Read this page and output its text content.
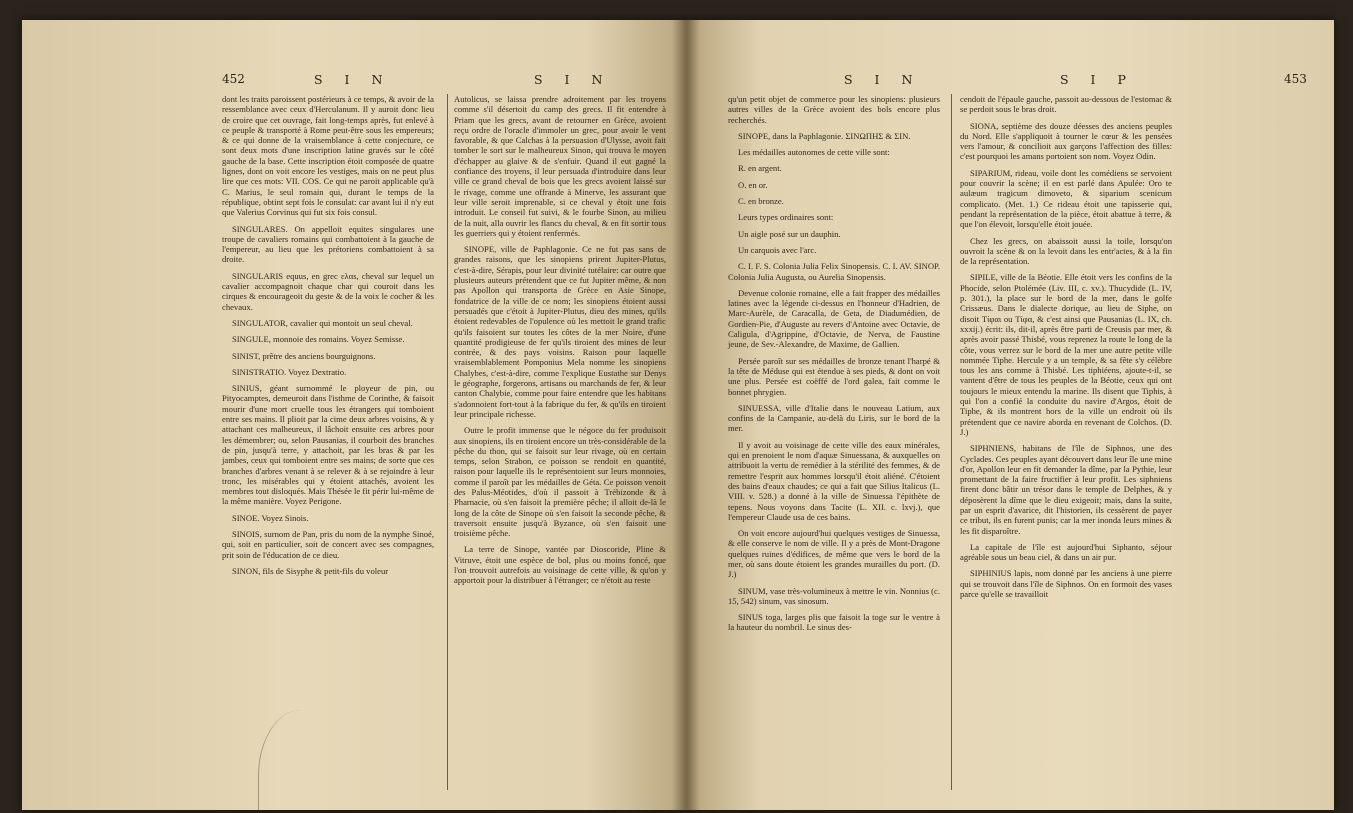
452	S I N	S I N

dont les traits paroissent postérieurs à ce temps, & avoir de la ressemblance avec ceux d'Herculanum. Il y auroit donc lieu de croire que cet ouvrage, fait long-temps après, fut enlevé à ce peuple & transporté à Rome peut-être sous les empereurs; & ce qui donne de la vraisemblance à cette conjecture, ce sont deux mots d'une inscription latine gravés sur le côté gauche de la base. Cette inscription étoit composée de quatre lignes, dont on voit encore les vestiges, mais on ne peut plus lire que ces mots: VII. COS. Ce qui ne paroit applicable qu'à C. Marius, le seul romain qui, durant le temps de la république, obtint sept fois le consulat: car avant lui il n'y eut que Valerius Corvinus qui fut six fois consul.

SINGULARES. On appelloit equites singulares une troupe de cavaliers romains qui combattoient à la gauche de l'empereur, au lieu que les prétoriens combattoient à sa droite.

SINGULARIS equus, en grec ελαs, cheval sur lequel un cavalier accompagnoit chaque char qui couroit dans les cirques & encourageoit du geste & de la voix le cocher & les chevaux.

SINGULATOR, cavalier qui montoit un seul cheval.

SINGULE, monnoie des romains. Voyez Semisse.

SINIST, prêtre des anciens bourguignons.

SINISTRATIO. Voyez Dextratio.

SINIUS, géant surnommé le ployeur de pin, ou Pityocamptes, demeuroit dans l'isthme de Corinthe, & faisoit mourir d'une mort cruelle tous les étrangers qui tomboient entre ses mains. Il plioit par la cime deux arbres voisins, & y attachant ces malheureux, il lâchoit ensuite ces arbres pour les démembrer; ou, selon Pausanias, il courboit des branches de pin, jusqu'à terre, y attachoit, par les bras & par les jambes, ceux qui tomboient entre ses mains; de sorte que ces branches d'arbres venant à se relever & à se rejoindre à leur tronc, les misérables qui y étoient attachés, avoient les membres tout disloqués. Mais Thésée le fit périr lui-même de la même manière. Voyez Perigone.

SINOE. Voyez Sinois.

SINOIS, surnom de Pan, pris du nom de la nymphe Sinoé, qui, soit en particulier, soit de concert avec ses compagnes, prit soin de l'éducation de ce dieu.

SINON, fils de Sisyphe & petit-fils du voleur

Autolicus, se laissa prendre adroitement par les troyens comme s'il désertoit du camp des grecs. Il fit entendre à Priam que les grecs, avant de retourner en Grèce, avoient reçu ordre de l'oracle d'immoler un grec, pour avoir le vent favorable, & que Calchas à la persuasion d'Ulysse, avoit fait tomber le sort sur le malheureux Sinon, qui trouva le moyen d'échapper au glaive & de s'enfuir. Quand il eut gagné la confiance des troyens, il leur persuada d'introduire dans leur ville ce grand cheval de bois que les grecs avoient laissé sur le rivage, comme une offrande à Minerve, les assurant que leur ville seroit imprenable, si ce cheval y étoit une fois introduit. Le conseil fut suivi, & le fourbe Sinon, au milieu de la nuit, alla ouvrir les flancs du cheval, & en fit sortir tous les guerriers qui y étoient renfermés.

SINOPE, ville de Paphlagonie. Ce ne fut pas sans de grandes raisons, que les sinopiens prirent Jupiter-Plutus, c'est-à-dire, Sérapis, pour leur divinité tutélaire: car outre que plusieurs auteurs prétendent que ce fut Jupiter même, & non pas Apollon qui transporta de Grèce en Asie Sinope, fondatrice de la ville de ce nom; les sinopiens étoient aussi persuadés que c'étoit à Jupiter-Plutus, dieu des mines, qu'ils étoient redevables de l'opulence où les mettoit le grand trafic qu'ils faisoient sur toutes les côtes de la mer Noire, d'une quantité prodigieuse de fer qu'ils tiroient des mines de leur contrée, & des pays voisins. Raison pour laquelle vraisemblablement Pomponius Mela nomme les sinopiens Chalybes, c'est-à-dire, comme l'explique Eustathe sur Denys le géographe, forgerons, artisans ou marchands de fer, & leur canton Chalybie, comme pour faire entendre que les habitans s'adonnoient fort-tout à la fabrique du fer, & qu'ils en tiroient leur principale richesse.

Outre le profit immense que le négoce du fer produisoit aux sinopiens, ils en tiroient encore un très-considérable de la pêche du thon, qui se faisoit sur leur rivage, où en certain temps, selon Strabon, ce poisson se rendoit en quantité, raison pour laquelle ils le représentoient sur leurs monnoies, comme il paroît par les médailles de Géta. Ce poisson venoit des Palus-Méotides, d'où il passoit à Trébizonde & à Pharnacie, où s'en faisoit la première pêche; il alloit de-là le long de la côte de Sinope où s'en faisoit la seconde pêche, & traversoit ensuite jusqu'à Byzance, où s'en faisoit une troisième pêche.

La terre de Sinope, vantée par Dioscoride, Pline & Vitruve, étoit une espèce de bol, plus ou moins foncé, que l'on trouvoit autrefois au voisinage de cette ville, & qu'on y apportoit pour la distribuer à l'étranger; ce n'étoit au reste

S I N	S I P	453

qu'un petit objet de commerce pour les sinopiens: plusieurs autres villes de la Grèce avoient des bols encore plus recherchés.

SINOPE, dans la Paphlagonie. ΣΙΝΩΠΗΣ & ΣΙΝ.

Les médailles autonomes de cette ville sont:

R. en argent.

O. en or.

C. en bronze.

Leurs types ordinaires sont:

Un aigle posé sur un dauphin.

Un carquois avec l'arc.

C. I. F. S. Colonia Julia Felix Sinopensis. C. I. AV. SINOP. Colonia Julia Augusta, ou Aurelia Sinopensis.

Devenue colonie romaine, elle a fait frapper des médailles latines avec la légende ci-dessus en l'honneur d'Hadrien, de Marc-Aurèle, de Caracalla, de Geta, de Diadumédien, de Gordien-Pie, d'Auguste au revers d'Antoine avec Octavie, de Caligula, d'Agrippine, d'Octavie, de Nerva, de Faustine jeune, de Sev.-Alexandre, de Maxime, de Gallien.

Persée paroît sur ses médailles de bronze tenant l'harpé & la tête de Méduse qui est étendue à ses pieds, & dont on voit une plus. Persée est coëffé de l'ord galea, fait comme le bonnet phrygien.

SINUESSA, ville d'Italie dans le nouveau Latium, aux confins de la Campanie, au-delà du Liris, sur le bord de la mer.

Il y avoit au voisinage de cette ville des eaux minérales, qui en prenoient le nom d'aquæ Sinuessana, & auxquelles on attribuoit la vertu de remédier à la stérilité des femmes, & de remettre l'esprit aux hommes lorsqu'il étoit aliéné. C'étoient des bains d'eaux chaudes; ce qui a fait que Silius Italicus (L. VIII. v. 528.) a donné à la ville de Sinuessa l'épithète de tepens. Nous voyons dans Tacite (L. XII. c. lxvj.), que l'empereur Claude usa de ces bains.

On voit encore aujourd'hui quelques vestiges de Sinuessa, & elle conserve le nom de ville. Il y a près de Mont-Dragone quelques ruines d'édifices, de même que vers le bord de la mer, où sans doute étoient les grandes murailles du port. (D. J.)

SINUM, vase très-volumineux à mettre le vin. Nonnius (c. 15, 542) sinum, vas sinosum.

SINUS toga, larges plis que faisoit la toge sur le ventre à la hauteur du nombril. Le sinus des-

cendoit de l'épaule gauche, passoit au-dessous de l'estomac & se perdoit sous le bras droit.

SIONA, septième des douze déesses des anciens peuples du Nord. Elle s'appliquoit à tourner le cœur & les pensées vers l'amour, & concilioit aux garçons l'affection des filles: c'est pourquoi les amans portoient son nom. Voyez Odin.

SIPARIUM, rideau, voile dont les comédiens se servoient pour couvrir la scène; il en est parlé dans Apulée: Oro te aulæum tragicum dimoveto, & siparium scenicum complicato. (Met. 1.) Ce rideau étoit une tapisserie qui, pendant la représentation de la pièce, étoit abattue à terre, & que l'on élevoit, lorsqu'elle étoit jouée.

Chez les grecs, on abaissoit aussi la toile, lorsqu'on ouvroit la scène & on la levoit dans les entr'actes, & à la fin de la représentation.

SIPILE, ville de la Béotie. Elle étoit vers les confins de la Phocide, selon Ptolémée (Liv. III, c. xv.). Thucydide (L. IV, p. 301.), la place sur le bord de la mer, dans le golfe Crissæus. Dans le dialecte dorique, au lieu de Siphe, on disoit Τίφαι ou Τίφα, & c'est ainsi que Pausanias (L. IX, ch. xxxij.) écrit: ils, dit-il, après être parti de Creusis par mer, & après avoir passé Thisbé, vous reprenez la route le long de la côte, vous verrez sur le bord de la mer une autre petite ville nommée Tiphe. Hercule y a un temple, & sa fête s'y célèbre tous les ans comme à Thisbé. Les tiphiéens, ajoute-t-il, se vantent d'être de tous les peuples de la Béotie, ceux qui ont toujours le mieux entendu la marine. Ils disent que Tiphis, à qui l'on a confié la conduite du navire d'Argos, étoit de Tiphe, & ils montrent hors de la ville un endroit où ils prétendent que ce navire aborda en revenant de Colchos. (D. J.)

SIPHNIENS, habitans de l'île de Siphnos, une des Cyclades. Ces peuples ayant découvert dans leur île une mine d'or, Apollon leur en fit demander la dîme, par la Pythie, leur promettant de la faire fructifier à leur profit. Les siphniens firent donc bâtir un trésor dans le temple de Delphes, & y déposèrent la dîme que le dieu exigeoit; mais, dans la suite, par un esprit d'avarice, dit l'historien, ils cessèrent de payer ce tribut, ils en furent punis; car la mer inonda leurs mines & les fit disparoître.

La capitale de l'île est aujourd'hui Siphanto, séjour agréable sous un beau ciel, & dans un air pur.

SIPHINIUS lapis, nom donné par les anciens à une pierre qui se trouvoit dans l'île de Siphnos. On en formoit des vases parce qu'elle se travailloit
